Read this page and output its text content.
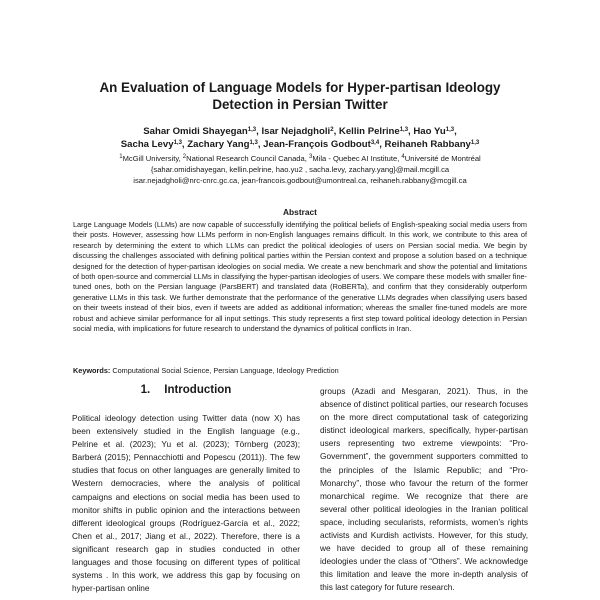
An Evaluation of Language Models for Hyper-partisan Ideology
Detection in Persian Twitter
Sahar Omidi Shayegan$^{1,3}$, Isar Nejadgholi$^2$, Kellin Pelrine$^{1,3}$, Hao Yu$^{1,3}$,
Sacha Levy$^{1,3}$, Zachary Yang$^{1,3}$, Jean-François Godbout$^{3,4}$, Reihaneh Rabbany$^{1,3}$
$^1$McGill University, $^2$National Research Council Canada, $^3$Mila - Quebec AI Institute, $^4$Université de Montréal
{sahar.omidishayegan, kellin.pelrine, hao.yu2 , sacha.levy, zachary.yang}@mail.mcgill.ca
isar.nejadgholi@nrc-cnrc.gc.ca, jean-francois.godbout@umontreal.ca, reihaneh.rabbany@mcgill.ca
Abstract

Large Language Models (LLMs) are now capable of successfully identifying the political beliefs of English-speaking social media users from their posts. However, assessing how LLMs perform in non-English languages remains difficult. In this work, we contribute to this area of research by determining the extent to which LLMs can predict the political ideologies of users on Persian social media. We begin by discussing the challenges associated with defining political parties within the Persian context and propose a solution based on a technique designed for the detection of hyper-partisan ideologies on social media. We create a new benchmark and show the potential and limitations of both open-source and commercial LLMs in classifying the hyper-partisan ideologies of users. We compare these models with smaller fine-tuned ones, both on the Persian language (ParsBERT) and translated data (RoBERTa), and confirm that they considerably outperform generative LLMs in this task. We further demonstrate that the performance of the generative LLMs degrades when classifying users based on their tweets instead of their bios, even if tweets are added as additional information; whereas the smaller fine-tuned models are more robust and achieve similar performance for all input settings. This study represents a first step toward political ideology detection in Persian social media, with implications for future research to understand the dynamics of political conflicts in Iran.

Keywords: Computational Social Science, Persian Language, Ideology Prediction

1. Introduction

Political ideology detection using Twitter data (now X) has been extensively studied in the English language (e.g., Pelrine et al. (2023); Yu et al. (2023); Törnberg (2023); Barberá (2015); Pennacchiotti and Popescu (2011)). The few studies that focus on other languages are generally limited to Western democracies, where the analysis of political campaigns and elections on social media has been used to monitor shifts in public opinion and the interactions between different ideological groups (Rodríguez-García et al., 2022; Chen et al., 2017; Jiang et al., 2022). Therefore, there is a significant research gap in studies conducted in other languages and those focusing on different types of political systems . In this work, we address this gap by focusing on hyper-partisan online

groups (Azadi and Mesgaran, 2021). Thus, in the absence of distinct political parties, our research focuses on the more direct computational task of categorizing distinct ideological markers, specifically, hyper-partisan users representing two extreme viewpoints: “Pro-Government”, the government supporters committed to the principles of the Islamic Republic; and “Pro-Monarchy”, those who favour the return of the former monarchical regime. We recognize that there are several other political ideologies in the Iranian political space, including secularists, reformists, women’s rights activists and Kurdish activists. However, for this study, we have decided to group all of these remaining ideologies under the class of “Others”. We acknowledge this limitation and leave the more in-depth analysis of this last category for future research.
